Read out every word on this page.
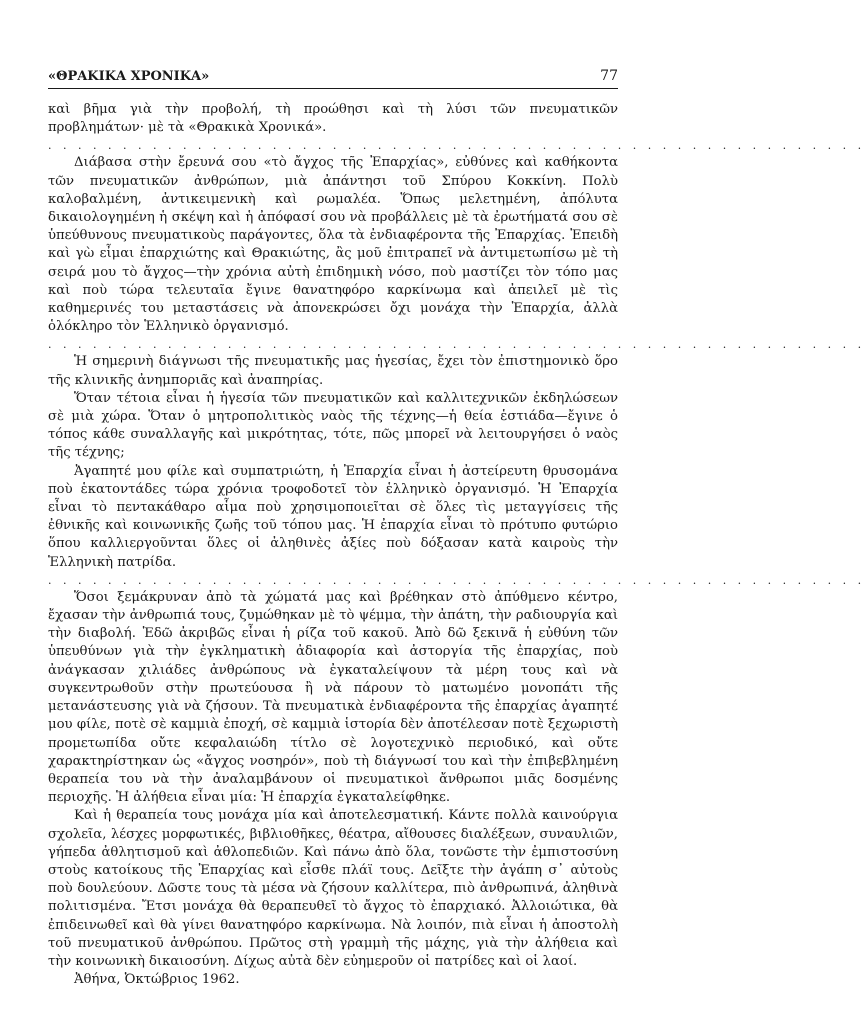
«ΘΡΑΚΙΚΑ ΧΡΟΝΙΚΑ»	77

καὶ βῆμα γιὰ τὴν προβολή, τὴ προώθησι καὶ τὴ λύσι τῶν πνευματικῶν προβλημάτων· μὲ τὰ «Θρακικὰ Χρονικά».

. . . . . . . . . . . . . . . . . . . . . . . . . . . . . . . . . . . . . . . . . . . . . . . . . . . . . . .

Διάβασα στὴν ἔρευνά σου «τὸ ἄγχος τῆς Ἐπαρχίας», εὐθύνες καὶ καθήκοντα τῶν πνευματικῶν ἀνθρώπων, μιὰ ἀπάντησι τοῦ Σπύρου Κοκκίνη. Πολὺ καλοβαλμένη, ἀντικειμενικὴ καὶ ρωμαλέα. Ὅπως μελετημένη, ἀπόλυτα δικαιολογημένη ἡ σκέψη καὶ ἡ ἀπόφασί σου νὰ προβάλλεις μὲ τὰ ἐρωτήματά σου σὲ ὑπεύθυνους πνευματικοὺς παράγοντες, ὅλα τὰ ἐνδιαφέροντα τῆς Ἐπαρχίας. Ἐπειδὴ καὶ γὼ εἶμαι ἐπαρχιώτης καὶ Θρακιώτης, ἂς μοῦ ἐπιτραπεῖ νὰ ἀντιμετωπίσω μὲ τὴ σειρά μου τὸ ἄγχος—τὴν χρόνια αὐτὴ ἐπιδημικὴ νόσο, ποὺ μαστίζει τὸν τόπο μας καὶ ποὺ τώρα τελευταῖα ἔγινε θανατηφόρο καρκίνωμα καὶ ἀπειλεῖ μὲ τὶς καθημερινές του μεταστάσεις νὰ ἀπονεκρώσει ὄχι μονάχα τὴν Ἐπαρχία, ἀλλὰ ὁλόκληρο τὸν Ἑλληνικὸ ὀργανισμό.

. . . . . . . . . . . . . . . . . . . . . . . . . . . . . . . . . . . . . . . . . . . . . . . . . . . . . . .

Ἡ σημερινὴ διάγνωσι τῆς πνευματικῆς μας ἡγεσίας, ἔχει τὸν ἐπιστημονικὸ ὅρο τῆς κλινικῆς ἀνημποριᾶς καὶ ἀναπηρίας.

Ὅταν τέτοια εἶναι ἡ ἡγεσία τῶν πνευματικῶν καὶ καλλιτεχνικῶν ἐκδηλώσεων σὲ μιὰ χώρα. Ὅταν ὁ μητροπολιτικὸς ναὸς τῆς τέχνης—ἡ θεία ἑστιάδα—ἔγινε ὁ τόπος κάθε συναλλαγῆς καὶ μικρότητας, τότε, πῶς μπορεῖ νὰ λειτουργήσει ὁ ναὸς τῆς τέχνης;

Ἀγαπητέ μου φίλε καὶ συμπατριώτη, ἡ Ἐπαρχία εἶναι ἡ ἀστείρευτη θρυσομάνα ποὺ ἑκατοντάδες τώρα χρόνια τροφοδοτεῖ τὸν ἑλληνικὸ ὀργανισμό. Ἡ Ἐπαρχία εἶναι τὸ πεντακάθαρο αἷμα ποὺ χρησιμοποιεῖται σὲ ὅλες τὶς μεταγγίσεις τῆς ἐθνικῆς καὶ κοινωνικῆς ζωῆς τοῦ τόπου μας. Ἡ ἐπαρχία εἶναι τὸ πρότυπο φυτώριο ὅπου καλλιεργοῦνται ὅλες οἱ ἀληθινὲς ἀξίες ποὺ δόξασαν κατὰ καιροὺς τὴν Ἑλληνικὴ πατρίδα.

. . . . . . . . . . . . . . . . . . . . . . . . . . . . . . . . . . . . . . . . . . . . . . . . . . . . . . .

Ὅσοι ξεμάκρυναν ἀπὸ τὰ χώματά μας καὶ βρέθηκαν στὸ ἀπύθμενο κέντρο, ἔχασαν τὴν ἀνθρωπιά τους, ζυμώθηκαν μὲ τὸ ψέμμα, τὴν ἀπάτη, τὴν ραδιουργία καὶ τὴν διαβολή. Ἐδῶ ἀκριβῶς εἶναι ἡ ρίζα τοῦ κακοῦ. Ἀπὸ δῶ ξεκινᾶ ἡ εὐθύνη τῶν ὑπευθύνων γιὰ τὴν ἐγκληματικὴ ἀδιαφορία καὶ ἀστοργία τῆς ἐπαρχίας, ποὺ ἀνάγκασαν χιλιάδες ἀνθρώπους νὰ ἐγκαταλείψουν τὰ μέρη τους καὶ νὰ συγκεντρωθοῦν στὴν πρωτεύουσα ἢ νὰ πάρουν τὸ ματωμένο μονοπάτι τῆς μετανάστευσης γιὰ νὰ ζήσουν. Τὰ πνευματικὰ ἐνδιαφέροντα τῆς ἐπαρχίας ἀγαπητέ μου φίλε, ποτὲ σὲ καμμιὰ ἐποχή, σὲ καμμιὰ ἱστορία δὲν ἀποτέλεσαν ποτὲ ξεχωριστὴ προμετωπίδα οὔτε κεφαλαιώδη τίτλο σὲ λογοτεχνικὸ περιοδικό, καὶ οὔτε χαρακτηρίστηκαν ὡς «ἄγχος νοσηρόν», ποὺ τὴ διάγνωσί του καὶ τὴν ἐπιβεβλημένη θεραπεία του νὰ τὴν ἀναλαμβάνουν οἱ πνευματικοὶ ἄνθρωποι μιᾶς δοσμένης περιοχῆς. Ἡ ἀλήθεια εἶναι μία: Ἡ ἐπαρχία ἐγκαταλείφθηκε.

Καὶ ἡ θεραπεία τους μονάχα μία καὶ ἀποτελεσματική. Κάντε πολλὰ καινούργια σχολεῖα, λέσχες μορφωτικές, βιβλιοθῆκες, θέατρα, αἴθουσες διαλέξεων, συναυλιῶν, γήπεδα ἀθλητισμοῦ καὶ ἀθλοπεδιῶν. Καὶ πάνω ἀπὸ ὅλα, τονῶστε τὴν ἐμπιστοσύνη στοὺς κατοίκους τῆς Ἐπαρχίας καὶ εἶσθε πλάϊ τους. Δεῖξτε τὴν ἀγάπη σ᾽ αὐτοὺς ποὺ δουλεύουν. Δῶστε τους τὰ μέσα νὰ ζήσουν καλλίτερα, πιὸ ἀνθρωπινά, ἀληθινὰ πολιτισμένα. Ἔτσι μονάχα θὰ θεραπευθεῖ τὸ ἄγχος τὸ ἐπαρχιακό. Ἀλλοιώτικα, θὰ ἐπιδεινωθεῖ καὶ θὰ γίνει θανατηφόρο καρκίνωμα. Νὰ λοιπόν, πιὰ εἶναι ἡ ἀποστολὴ τοῦ πνευματικοῦ ἀνθρώπου. Πρῶτος στὴ γραμμὴ τῆς μάχης, γιὰ τὴν ἀλήθεια καὶ τὴν κοινωνικὴ δικαιοσύνη. Δίχως αὐτὰ δὲν εὐημεροῦν οἱ πατρίδες καὶ οἱ λαοί.

Ἀθήνα, Ὀκτώβριος 1962.
